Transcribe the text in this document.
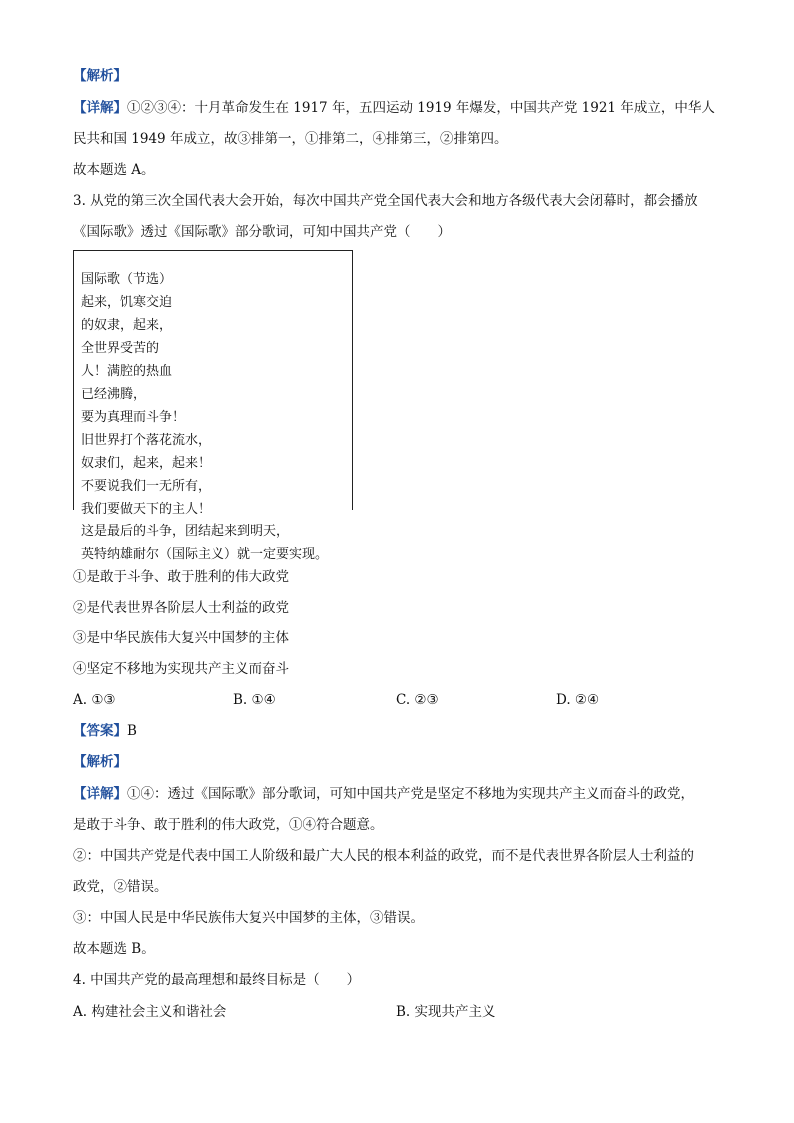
【解析】
【详解】①②③④：十月革命发生在 1917 年，五四运动 1919 年爆发，中国共产党 1921 年成立，中华人
民共和国 1949 年成立，故③排第一，①排第二，④排第三，②排第四。
故本题选 A。
3. 从党的第三次全国代表大会开始，每次中国共产党全国代表大会和地方各级代表大会闭幕时，都会播放
《国际歌》透过《国际歌》部分歌词，可知中国共产党（　　）
国际歌（节选）
起来，饥寒交迫
的奴隶，起来，
全世界受苦的
人！满腔的热血
已经沸腾，
要为真理而斗争！
旧世界打个落花流水，
奴隶们，起来，起来！
不要说我们一无所有，
我们要做天下的主人！
这是最后的斗争，团结起来到明天，
英特纳雄耐尔（国际主义）就一定要实现。
①是敢于斗争、敢于胜利的伟大政党
②是代表世界各阶层人士利益的政党
③是中华民族伟大复兴中国梦的主体
④坚定不移地为实现共产主义而奋斗
A. ①③	B. ①④	C. ②③	D. ②④
【答案】B
【解析】
【详解】①④：透过《国际歌》部分歌词，可知中国共产党是坚定不移地为实现共产主义而奋斗的政党，
是敢于斗争、敢于胜利的伟大政党，①④符合题意。
②：中国共产党是代表中国工人阶级和最广大人民的根本利益的政党，而不是代表世界各阶层人士利益的
政党，②错误。
③：中国人民是中华民族伟大复兴中国梦的主体，③错误。
故本题选 B。
4. 中国共产党的最高理想和最终目标是（　　）
A. 构建社会主义和谐社会	B. 实现共产主义
